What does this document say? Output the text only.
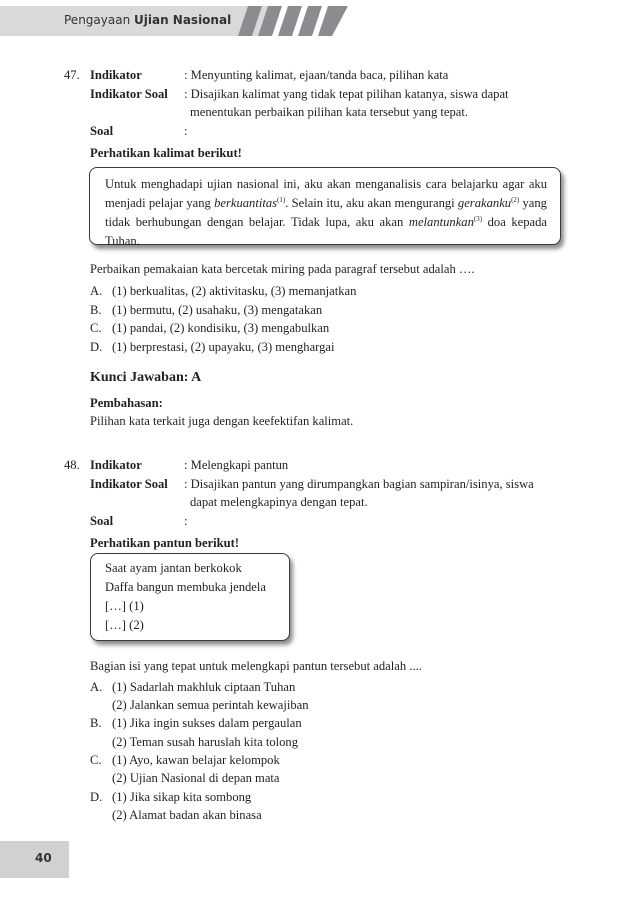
Pengayaan Ujian Nasional
47. Indikator	: Menyunting kalimat, ejaan/tanda baca, pilihan kata
Indikator Soal : Disajikan kalimat yang tidak tepat pilihan katanya, siswa dapat
menentukan perbaikan pilihan kata tersebut yang tepat.
Soal	:
Perhatikan kalimat berikut!
Untuk menghadapi ujian nasional ini, aku akan menganalisis cara belajarku agar aku menjadi pelajar yang berkuantitas$^{(1)}$. Selain itu, aku akan mengurangi gerakanku$^{(2)}$ yang tidak berhubungan dengan belajar. Tidak lupa, aku akan melantunkan$^{(3)}$ doa kepada Tuhan.
Perbaikan pemakaian kata bercetak miring pada paragraf tersebut adalah ….
A. (1) berkualitas, (2) aktivitasku, (3) memanjatkan
B. (1) bermutu, (2) usahaku, (3) mengatakan
C. (1) pandai, (2) kondisiku, (3) mengabulkan
D. (1) berprestasi, (2) upayaku, (3) menghargai
Kunci Jawaban: A
Pembahasan:
Pilihan kata terkait juga dengan keefektifan kalimat.
48. Indikator	: Melengkapi pantun
Indikator Soal : Disajikan pantun yang dirumpangkan bagian sampiran/isinya, siswa
dapat melengkapinya dengan tepat.
Soal	:
Perhatikan pantun berikut!
Saat ayam jantan berkokok
Daffa bangun membuka jendela
[…] (1)
[…] (2)
Bagian isi yang tepat untuk melengkapi pantun tersebut adalah ....
A. (1) Sadarlah makhluk ciptaan Tuhan
(2) Jalankan semua perintah kewajiban
B. (1) Jika ingin sukses dalam pergaulan
(2) Teman susah haruslah kita tolong
C. (1) Ayo, kawan belajar kelompok
(2) Ujian Nasional di depan mata
D. (1) Jika sikap kita sombong
(2) Alamat badan akan binasa
40
